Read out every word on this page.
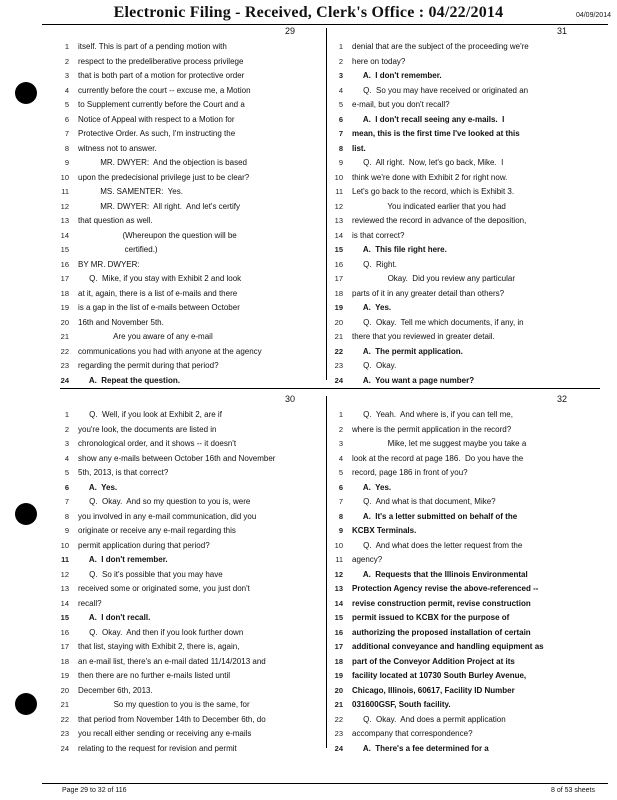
Electronic Filing - Received, Clerk's Office : 04/22/2014	04/09/2014
29
1 itself. This is part of a pending motion with
2 respect to the predeliberative process privilege
3 that is both part of a motion for protective order
4 currently before the court -- excuse me, a Motion
5 to Supplement currently before the Court and a
6 Notice of Appeal with respect to a Motion for
7 Protective Order. As such, I'm instructing the
8 witness not to answer.
9          MR. DWYER:  And the objection is based
10 upon the predecisional privilege just to be clear?
11          MS. SAMENTER:  Yes.
12          MR. DWYER:  All right.  And let's certify
13 that question as well.
14                    (Whereupon the question will be
15                     certified.)
16 BY MR. DWYER:
17     Q.  Mike, if you stay with Exhibit 2 and look
18 at it, again, there is a list of e-mails and there
19 is a gap in the list of e-mails between October
20 16th and November 5th.
21                Are you aware of any e-mail
22 communications you had with anyone at the agency
23 regarding the permit during that period?
24     A.  Repeat the question.
31
1 denial that are the subject of the proceeding we're
2 here on today?
3     A.  I don't remember.
4     Q.  So you may have received or originated an
5 e-mail, but you don't recall?
6     A.  I don't recall seeing any e-mails.  I
7 mean, this is the first time I've looked at this
8 list.
9     Q.  All right.  Now, let's go back, Mike.  I
10 think we're done with Exhibit 2 for right now.
11 Let's go back to the record, which is Exhibit 3.
12                You indicated earlier that you had
13 reviewed the record in advance of the deposition,
14 is that correct?
15     A.  This file right here.
16     Q.  Right.
17                Okay.  Did you review any particular
18 parts of it in any greater detail than others?
19     A.  Yes.
20     Q.  Okay.  Tell me which documents, if any, in
21 there that you reviewed in greater detail.
22     A.  The permit application.
23     Q.  Okay.
24     A.  You want a page number?
30
1     Q.  Well, if you look at Exhibit 2, are if
2 you're look, the documents are listed in
3 chronological order, and it shows -- it doesn't
4 show any e-mails between October 16th and November
5 5th, 2013, is that correct?
6     A.  Yes.
7     Q.  Okay.  And so my question to you is, were
8 you involved in any e-mail communication, did you
9 originate or receive any e-mail regarding this
10 permit application during that period?
11     A.  I don't remember.
12     Q.  So it's possible that you may have
13 received some or originated some, you just don't
14 recall?
15     A.  I don't recall.
16     Q.  Okay.  And then if you look further down
17 that list, staying with Exhibit 2, there is, again,
18 an e-mail list, there's an e-mail dated 11/14/2013 and
19 then there are no further e-mails listed until
20 December 6th, 2013.
21                So my question to you is the same, for
22 that period from November 14th to December 6th, do
23 you recall either sending or receiving any e-mails
24 relating to the request for revision and permit
32
1     Q.  Yeah.  And where is, if you can tell me,
2 where is the permit application in the record?
3                Mike, let me suggest maybe you take a
4 look at the record at page 186.  Do you have the
5 record, page 186 in front of you?
6     A.  Yes.
7     Q.  And what is that document, Mike?
8     A.  It's a letter submitted on behalf of the
9 KCBX Terminals.
10     Q.  And what does the letter request from the
11 agency?
12     A.  Requests that the Illinois Environmental
13 Protection Agency revise the above-referenced --
14 revise construction permit, revise construction
15 permit issued to KCBX for the purpose of
16 authorizing the proposed installation of certain
17 additional conveyance and handling equipment as
18 part of the Conveyor Addition Project at its
19 facility located at 10730 South Burley Avenue,
20 Chicago, Illinois, 60617, Facility ID Number
21 031600GSF, South facility.
22     Q.  Okay.  And does a permit application
23 accompany that correspondence?
24     A.  There's a fee determined for a
Page 29 to 32 of 116	8 of 53 sheets
